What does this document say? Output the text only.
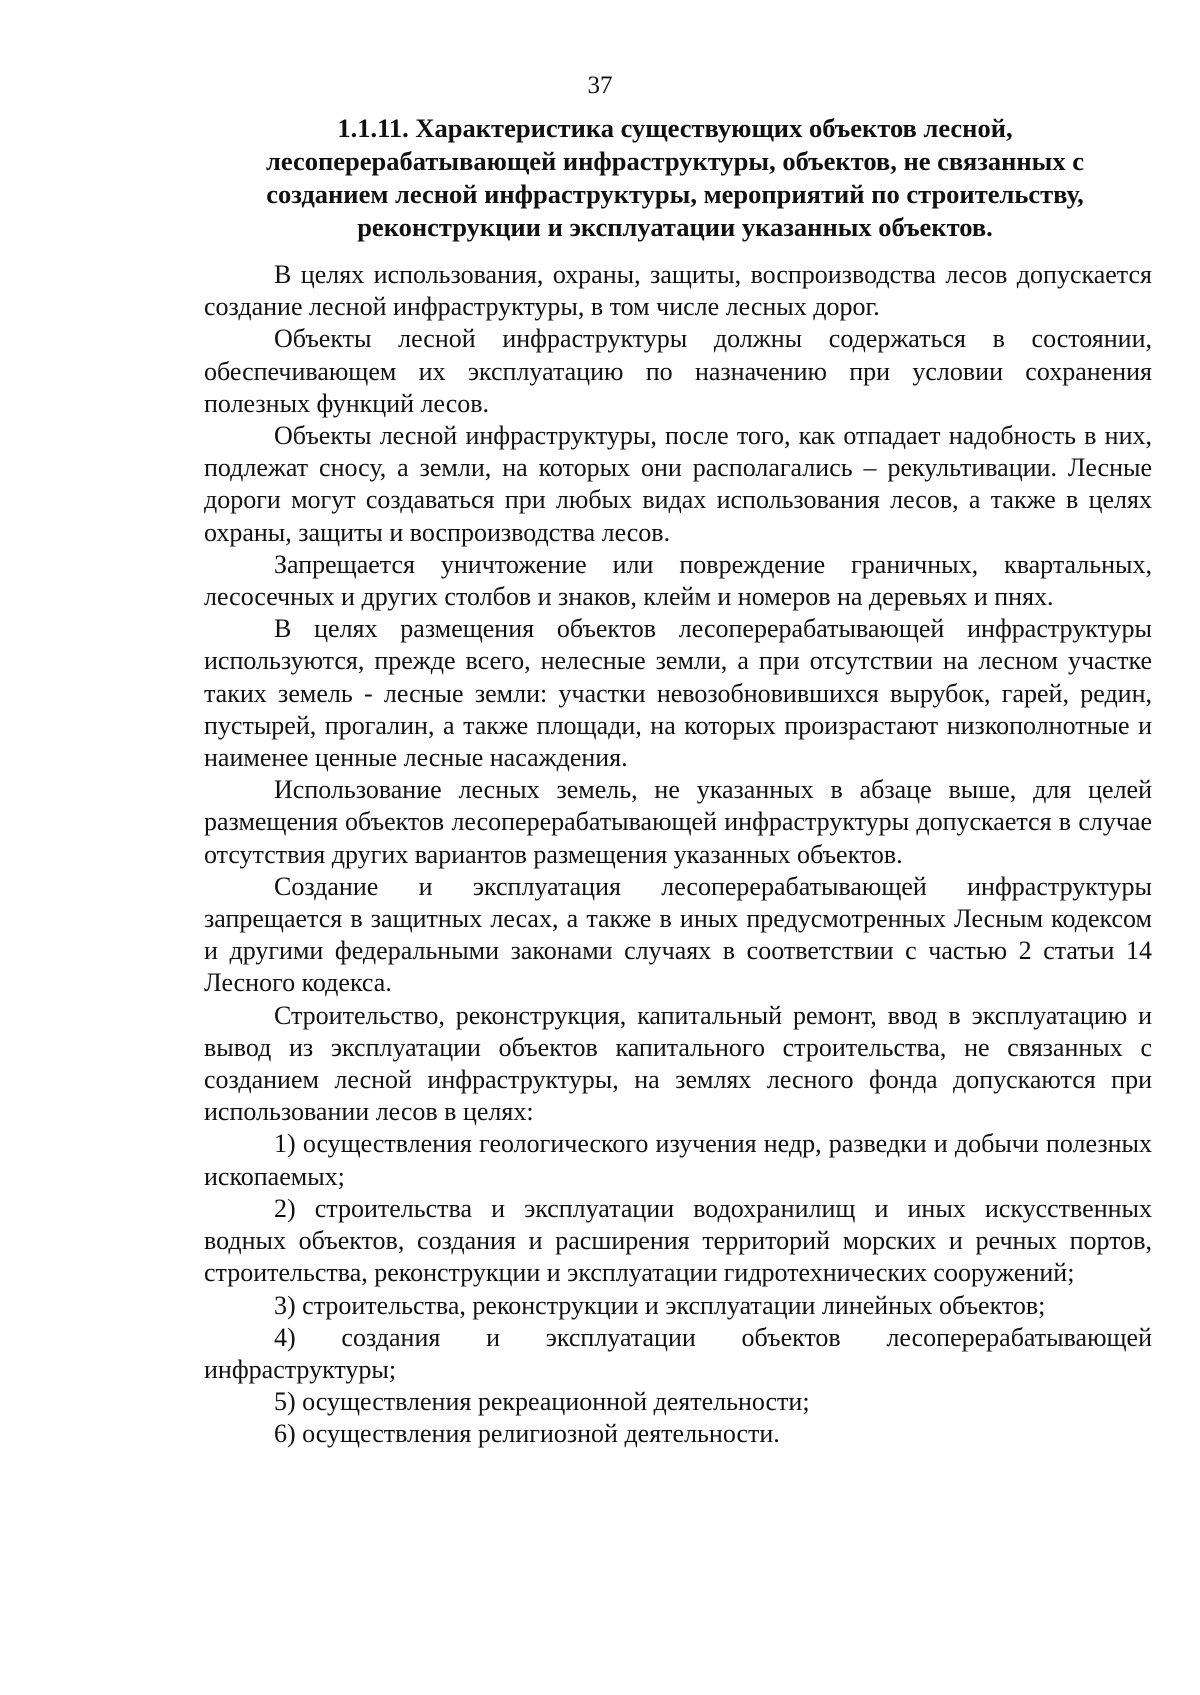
37
1.1.11. Характеристика существующих объектов лесной, лесоперерабатывающей инфраструктуры, объектов, не связанных с созданием лесной инфраструктуры, мероприятий по строительству, реконструкции и эксплуатации указанных объектов.

В целях использования, охраны, защиты, воспроизводства лесов допускается создание лесной инфраструктуры, в том числе лесных дорог.

Объекты лесной инфраструктуры должны содержаться в состоянии, обеспечивающем их эксплуатацию по назначению при условии сохранения полезных функций лесов.

Объекты лесной инфраструктуры, после того, как отпадает надобность в них, подлежат сносу, а земли, на которых они располагались – рекультивации. Лесные дороги могут создаваться при любых видах использования лесов, а также в целях охраны, защиты и воспроизводства лесов.

Запрещается уничтожение или повреждение граничных, квартальных, лесосечных и других столбов и знаков, клейм и номеров на деревьях и пнях.

В целях размещения объектов лесоперерабатывающей инфраструктуры используются, прежде всего, нелесные земли, а при отсутствии на лесном участке таких земель - лесные земли: участки невозобновившихся вырубок, гарей, редин, пустырей, прогалин, а также площади, на которых произрастают низкополнотные и наименее ценные лесные насаждения.

Использование лесных земель, не указанных в абзаце выше, для целей размещения объектов лесоперерабатывающей инфраструктуры допускается в случае отсутствия других вариантов размещения указанных объектов.

Создание и эксплуатация лесоперерабатывающей инфраструктуры запрещается в защитных лесах, а также в иных предусмотренных Лесным кодексом и другими федеральными законами случаях в соответствии с частью 2 статьи 14 Лесного кодекса.

Строительство, реконструкция, капитальный ремонт, ввод в эксплуатацию и вывод из эксплуатации объектов капитального строительства, не связанных с созданием лесной инфраструктуры, на землях лесного фонда допускаются при использовании лесов в целях:

1) осуществления геологического изучения недр, разведки и добычи полезных ископаемых;

2) строительства и эксплуатации водохранилищ и иных искусственных водных объектов, создания и расширения территорий морских и речных портов, строительства, реконструкции и эксплуатации гидротехнических сооружений;

3) строительства, реконструкции и эксплуатации линейных объектов;

4) создания и эксплуатации объектов лесоперерабатывающей инфраструктуры;

5) осуществления рекреационной деятельности;

6) осуществления религиозной деятельности.
